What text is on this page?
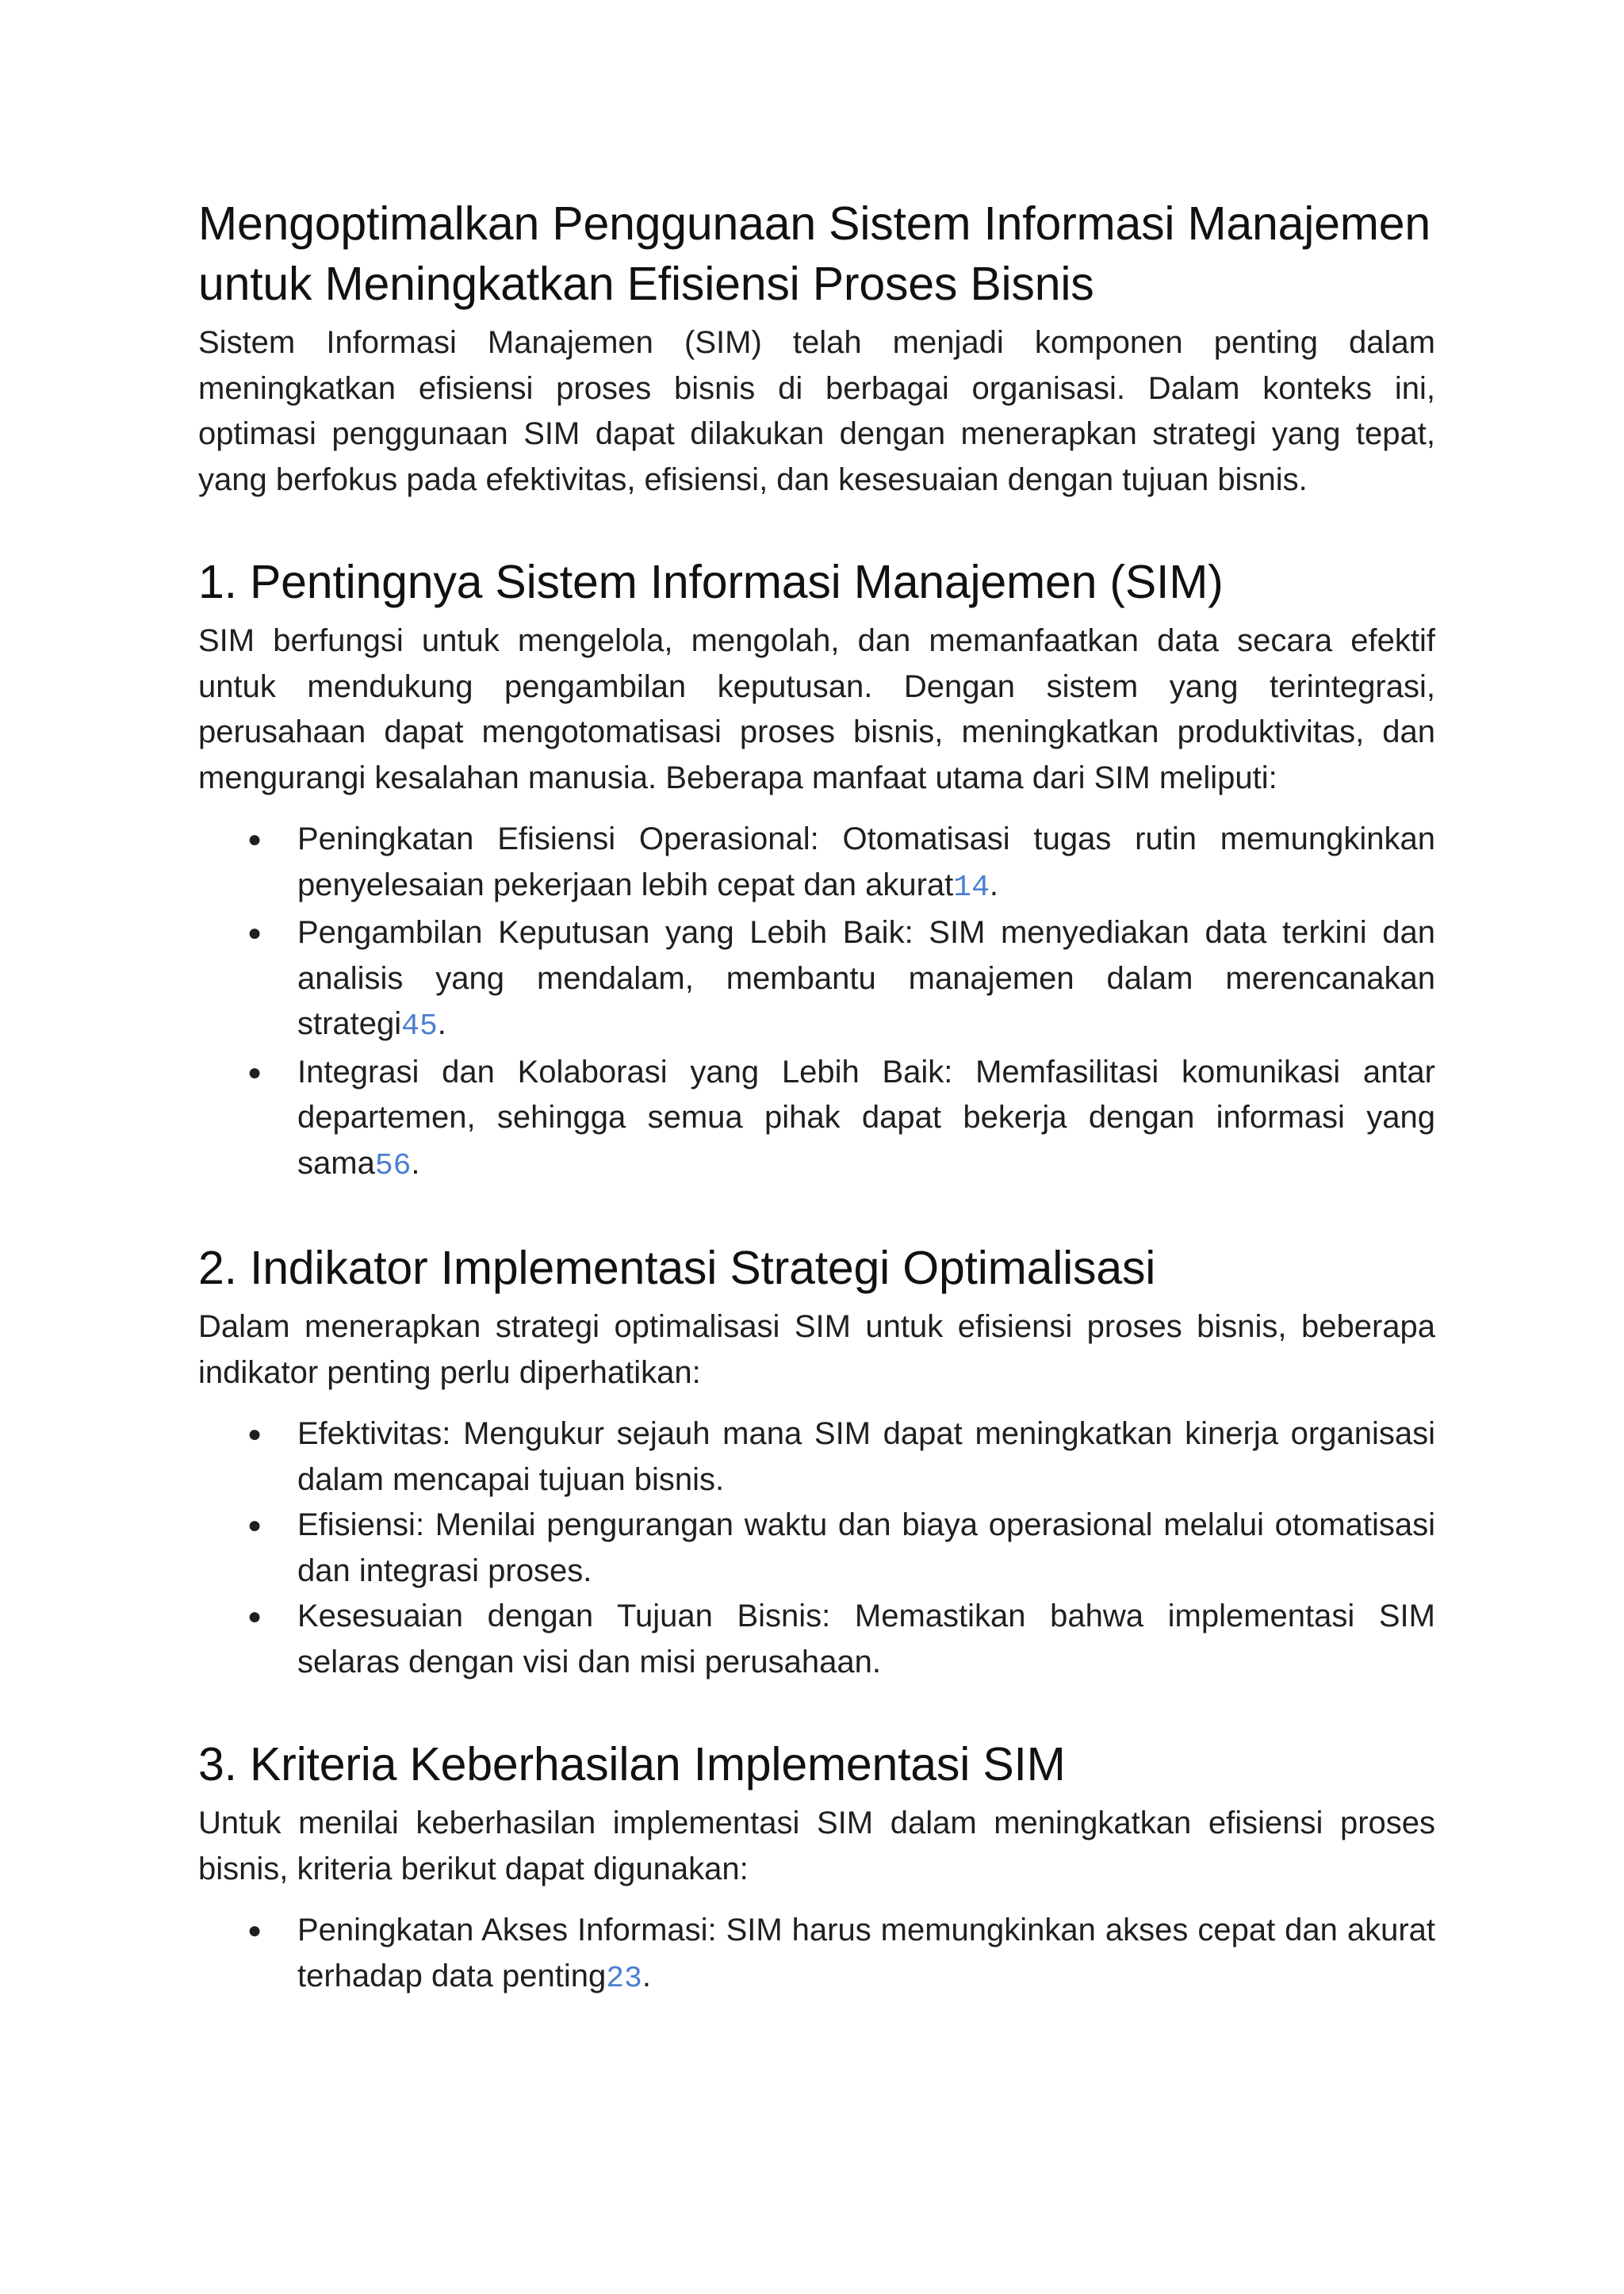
Mengoptimalkan Penggunaan Sistem Informasi Manajemen untuk Meningkatkan Efisiensi Proses Bisnis

Sistem Informasi Manajemen (SIM) telah menjadi komponen penting dalam meningkatkan efisiensi proses bisnis di berbagai organisasi. Dalam konteks ini, optimasi penggunaan SIM dapat dilakukan dengan menerapkan strategi yang tepat, yang berfokus pada efektivitas, efisiensi, dan kesesuaian dengan tujuan bisnis.

1. Pentingnya Sistem Informasi Manajemen (SIM)

SIM berfungsi untuk mengelola, mengolah, dan memanfaatkan data secara efektif untuk mendukung pengambilan keputusan. Dengan sistem yang terintegrasi, perusahaan dapat mengotomatisasi proses bisnis, meningkatkan produktivitas, dan mengurangi kesalahan manusia. Beberapa manfaat utama dari SIM meliputi:

● Peningkatan Efisiensi Operasional: Otomatisasi tugas rutin memungkinkan penyelesaian pekerjaan lebih cepat dan akurat14.
● Pengambilan Keputusan yang Lebih Baik: SIM menyediakan data terkini dan analisis yang mendalam, membantu manajemen dalam merencanakan strategi45.
● Integrasi dan Kolaborasi yang Lebih Baik: Memfasilitasi komunikasi antar departemen, sehingga semua pihak dapat bekerja dengan informasi yang sama56.
2. Indikator Implementasi Strategi Optimalisasi

Dalam menerapkan strategi optimalisasi SIM untuk efisiensi proses bisnis, beberapa indikator penting perlu diperhatikan:

● Efektivitas: Mengukur sejauh mana SIM dapat meningkatkan kinerja organisasi dalam mencapai tujuan bisnis.
● Efisiensi: Menilai pengurangan waktu dan biaya operasional melalui otomatisasi dan integrasi proses.
● Kesesuaian dengan Tujuan Bisnis: Memastikan bahwa implementasi SIM selaras dengan visi dan misi perusahaan.
3. Kriteria Keberhasilan Implementasi SIM

Untuk menilai keberhasilan implementasi SIM dalam meningkatkan efisiensi proses bisnis, kriteria berikut dapat digunakan:

● Peningkatan Akses Informasi: SIM harus memungkinkan akses cepat dan akurat terhadap data penting23.
